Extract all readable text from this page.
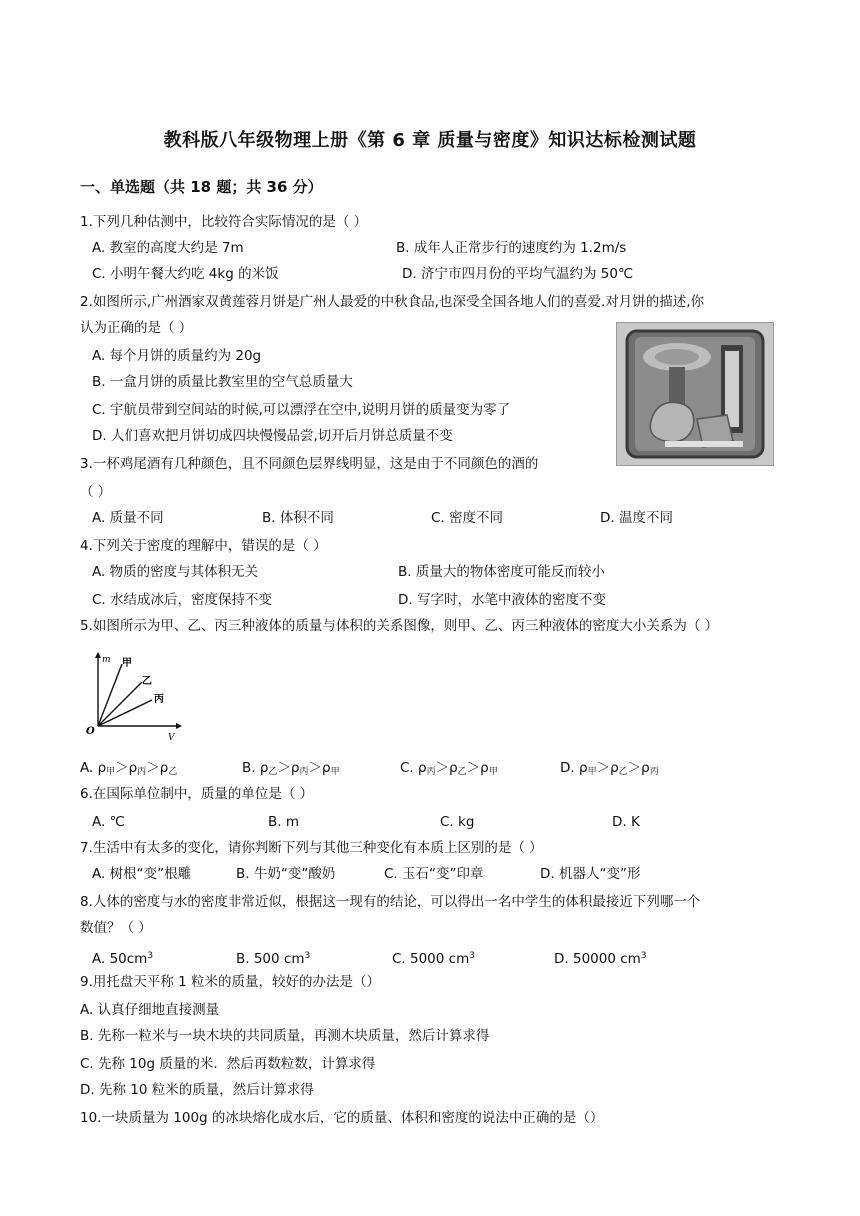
教科版八年级物理上册《第 6 章 质量与密度》知识达标检测试题
一、单选题（共 18 题；共 36 分）
1.下列几种估测中，比较符合实际情况的是（ ）
A. 教室的高度大约是 7m	B. 成年人正常步行的速度约为 1.2m/s
C. 小明午餐大约吃 4kg 的米饭	D. 济宁市四月份的平均气温约为 50℃
2.如图所示,广州酒家双黄莲蓉月饼是广州人最爱的中秋食品,也深受全国各地人们的喜爱.对月饼的描述,你
认为正确的是（ ）
A. 每个月饼的质量约为 20g
B. 一盒月饼的质量比教室里的空气总质量大
C. 宇航员带到空间站的时候,可以漂浮在空中,说明月饼的质量变为零了
D. 人们喜欢把月饼切成四块慢慢品尝,切开后月饼总质量不变
3.一杯鸡尾酒有几种颜色，且不同颜色层界线明显，这是由于不同颜色的酒的
（ ）
A. 质量不同	B. 体积不同	C. 密度不同	D. 温度不同
4.下列关于密度的理解中，错误的是（ ）
A. 物质的密度与其体积无关	B. 质量大的物体密度可能反而较小
C. 水结成冰后，密度保持不变	D. 写字时，水笔中液体的密度不变
5.如图所示为甲、乙、丙三种液体的质量与体积的关系图像，则甲、乙、丙三种液体的密度大小关系为（ ）
m 甲
乙
丙
O
V
A. $\rho_甲>\rho_丙>\rho_乙$	B. $\rho_乙>\rho_丙>\rho_甲$	C. $\rho_丙>\rho_乙>\rho_甲$	D. $\rho_甲>\rho_乙>\rho_丙$
6.在国际单位制中，质量的单位是（ ）
A. ℃	B. m	C. kg	D. K
7.生活中有太多的变化，请你判断下列与其他三种变化有本质上区别的是（ ）
A. 树根“变”根雕	B. 牛奶“变”酸奶	C. 玉石“变”印章	D. 机器人“变”形
8.人体的密度与水的密度非常近似，根据这一现有的结论，可以得出一名中学生的体积最接近下列哪一个
数值？（ ）
A. $50cm^3$	B. 500 $cm^3$	C. 5000 $cm^3$	D. 50000 $cm^3$
9.用托盘天平称 1 粒米的质量，较好的办法是（）
A. 认真仔细地直接测量
B. 先称一粒米与一块木块的共同质量，再测木块质量，然后计算求得
C. 先称 10g 质量的米．然后再数粒数，计算求得
D. 先称 10 粒米的质量，然后计算求得
10.一块质量为 100g 的冰块熔化成水后，它的质量、体积和密度的说法中正确的是（）
